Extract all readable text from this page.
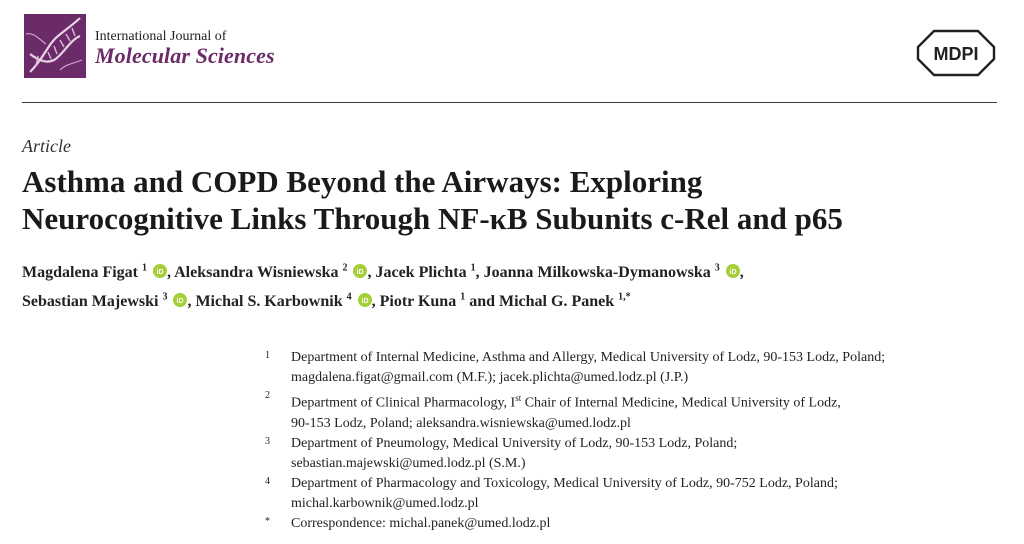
International Journal of
Molecular Sciences	MDPI
Article
Asthma and COPD Beyond the Airways: Exploring
Neurocognitive Links Through NF-κB Subunits c-Rel and p65
Magdalena Figat $^1$ iD , Aleksandra Wisniewska $^2$ iD , Jacek Plichta $^1$, Joanna Milkowska-Dymanowska $^3$ iD ,
Sebastian Majewski $^3$ iD , Michal S. Karbownik $^4$ iD , Piotr Kuna $^1$ and Michal G. Panek $^{1,*}$
1 Department of Internal Medicine, Asthma and Allergy, Medical University of Lodz, 90-153 Lodz, Poland;
magdalena.figat@gmail.com (M.F.); jacek.plichta@umed.lodz.pl (J.P.)
2
Department of Clinical Pharmacology, Ist Chair of Internal Medicine, Medical University of Lodz,
90-153 Lodz, Poland; aleksandra.wisniewska@umed.lodz.pl
3 Department of Pneumology, Medical University of Lodz, 90-153 Lodz, Poland;
sebastian.majewski@umed.lodz.pl (S.M.)
4 Department of Pharmacology and Toxicology, Medical University of Lodz, 90-752 Lodz, Poland;
michal.karbownik@umed.lodz.pl
* Correspondence: michal.panek@umed.lodz.pl
